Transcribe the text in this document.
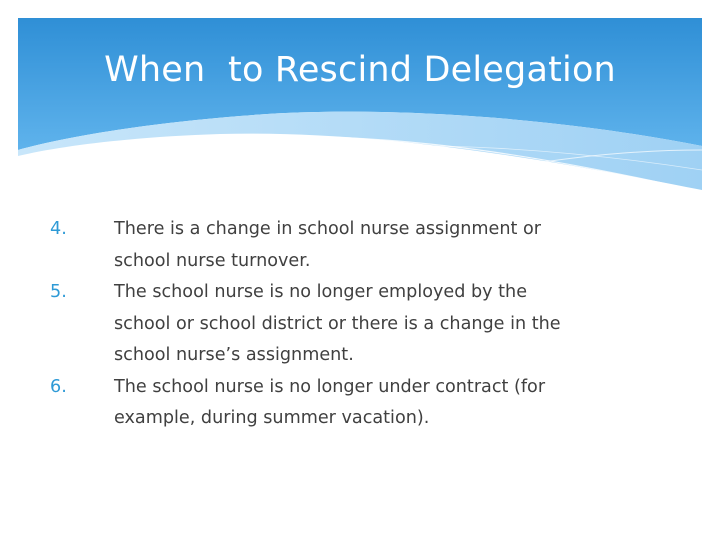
When  to Rescind Delegation
4.	There is a change in school nurse assignment or
school nurse turnover.
5.	The school nurse is no longer employed by the
school or school district or there is a change in the
school nurse’s assignment.
6.	The school nurse is no longer under contract (for
example, during summer vacation).
